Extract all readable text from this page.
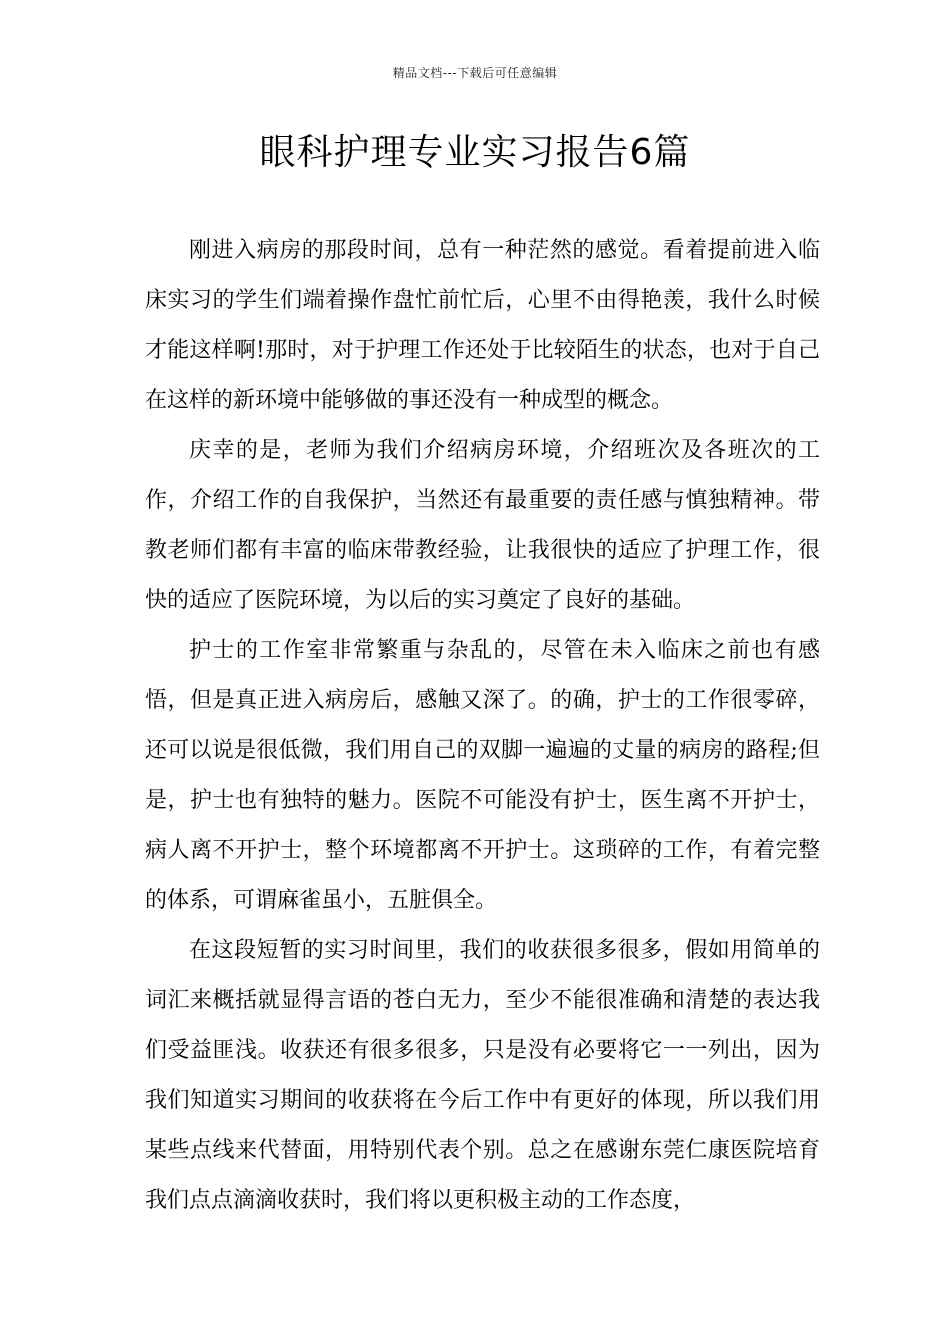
精品文档---下载后可任意编辑
眼科护理专业实习报告6篇

刚进入病房的那段时间，总有一种茫然的感觉。看着提前进入临床实习的学生们端着操作盘忙前忙后，心里不由得艳羡，我什么时候才能这样啊!那时，对于护理工作还处于比较陌生的状态，也对于自己在这样的新环境中能够做的事还没有一种成型的概念。

庆幸的是，老师为我们介绍病房环境，介绍班次及各班次的工作，介绍工作的自我保护，当然还有最重要的责任感与慎独精神。带教老师们都有丰富的临床带教经验，让我很快的适应了护理工作，很快的适应了医院环境，为以后的实习奠定了良好的基础。

护士的工作室非常繁重与杂乱的，尽管在未入临床之前也有感悟，但是真正进入病房后，感触又深了。的确，护士的工作很零碎，还可以说是很低微，我们用自己的双脚一遍遍的丈量的病房的路程;但是，护士也有独特的魅力。医院不可能没有护士，医生离不开护士，病人离不开护士，整个环境都离不开护士。这琐碎的工作，有着完整的体系，可谓麻雀虽小，五脏俱全。

在这段短暂的实习时间里，我们的收获很多很多，假如用简单的词汇来概括就显得言语的苍白无力，至少不能很准确和清楚的表达我们受益匪浅。收获还有很多很多，只是没有必要将它一一列出，因为我们知道实习期间的收获将在今后工作中有更好的体现，所以我们用某些点线来代替面，用特别代表个别。总之在感谢东莞仁康医院培育我们点点滴滴收获时，我们将以更积极主动的工作态度，
